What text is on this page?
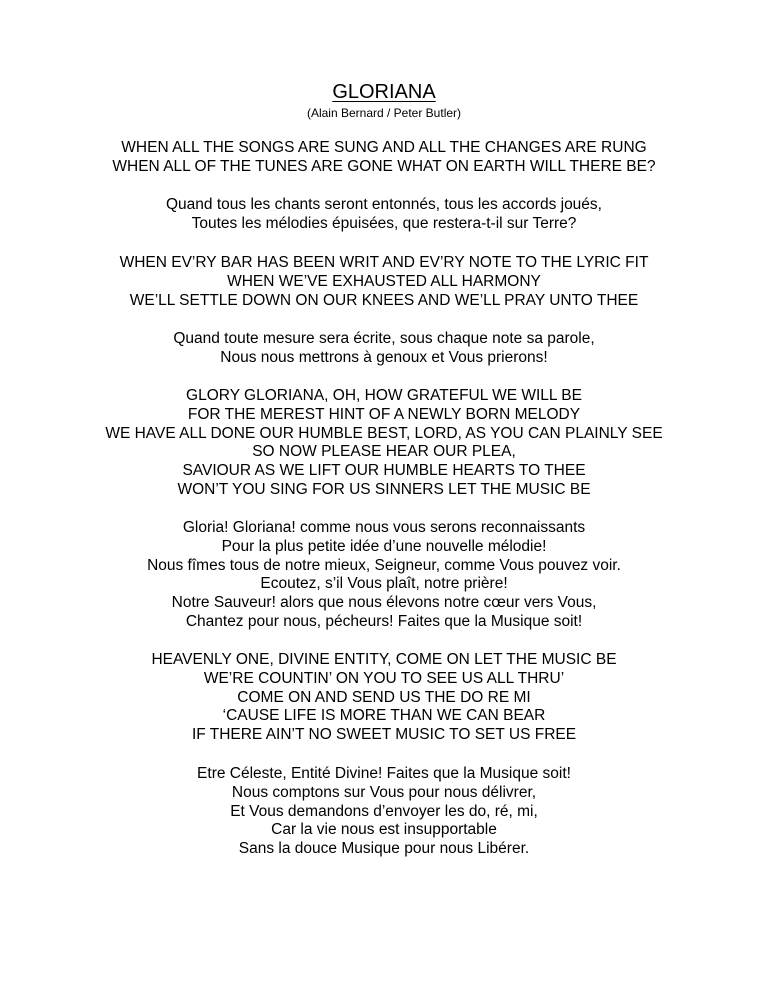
GLORIANA
(Alain Bernard / Peter Butler)
WHEN ALL THE SONGS ARE SUNG AND ALL THE CHANGES ARE RUNG
WHEN ALL OF THE TUNES ARE GONE WHAT ON EARTH WILL THERE BE?
Quand tous les chants seront entonnés, tous les accords joués,
Toutes les mélodies épuisées, que restera-t-il sur Terre?
WHEN EV’RY BAR HAS BEEN WRIT AND EV’RY NOTE TO THE LYRIC FIT
WHEN WE’VE EXHAUSTED ALL HARMONY
WE’LL SETTLE DOWN ON OUR KNEES AND WE’LL PRAY UNTO THEE
Quand toute mesure sera écrite, sous chaque note sa parole,
Nous nous mettrons à genoux et Vous prierons!
GLORY GLORIANA, OH, HOW GRATEFUL WE WILL BE
FOR THE MEREST HINT OF A NEWLY BORN MELODY
WE HAVE ALL DONE OUR HUMBLE BEST, LORD, AS YOU CAN PLAINLY SEE
SO NOW PLEASE HEAR OUR PLEA,
SAVIOUR AS WE LIFT OUR HUMBLE HEARTS TO THEE
WON’T YOU SING FOR US SINNERS LET THE MUSIC BE
Gloria! Gloriana! comme nous vous serons reconnaissants
Pour la plus petite idée d’une nouvelle mélodie!
Nous fîmes tous de notre mieux, Seigneur, comme Vous pouvez voir.
Ecoutez, s’il Vous plaît, notre prière!
Notre Sauveur! alors que nous élevons notre cœur vers Vous,
Chantez pour nous, pécheurs! Faites que la Musique soit!
HEAVENLY ONE, DIVINE ENTITY, COME ON LET THE MUSIC BE
WE’RE COUNTIN’ ON YOU TO SEE US ALL THRU’
COME ON AND SEND US THE DO RE MI
‘CAUSE LIFE IS MORE THAN WE CAN BEAR
IF THERE AIN’T NO SWEET MUSIC TO SET US FREE
Etre Céleste, Entité Divine! Faites que la Musique soit!
Nous comptons sur Vous pour nous délivrer,
Et Vous demandons d’envoyer les do, ré, mi,
Car la vie nous est insupportable
Sans la douce Musique pour nous Libérer.
